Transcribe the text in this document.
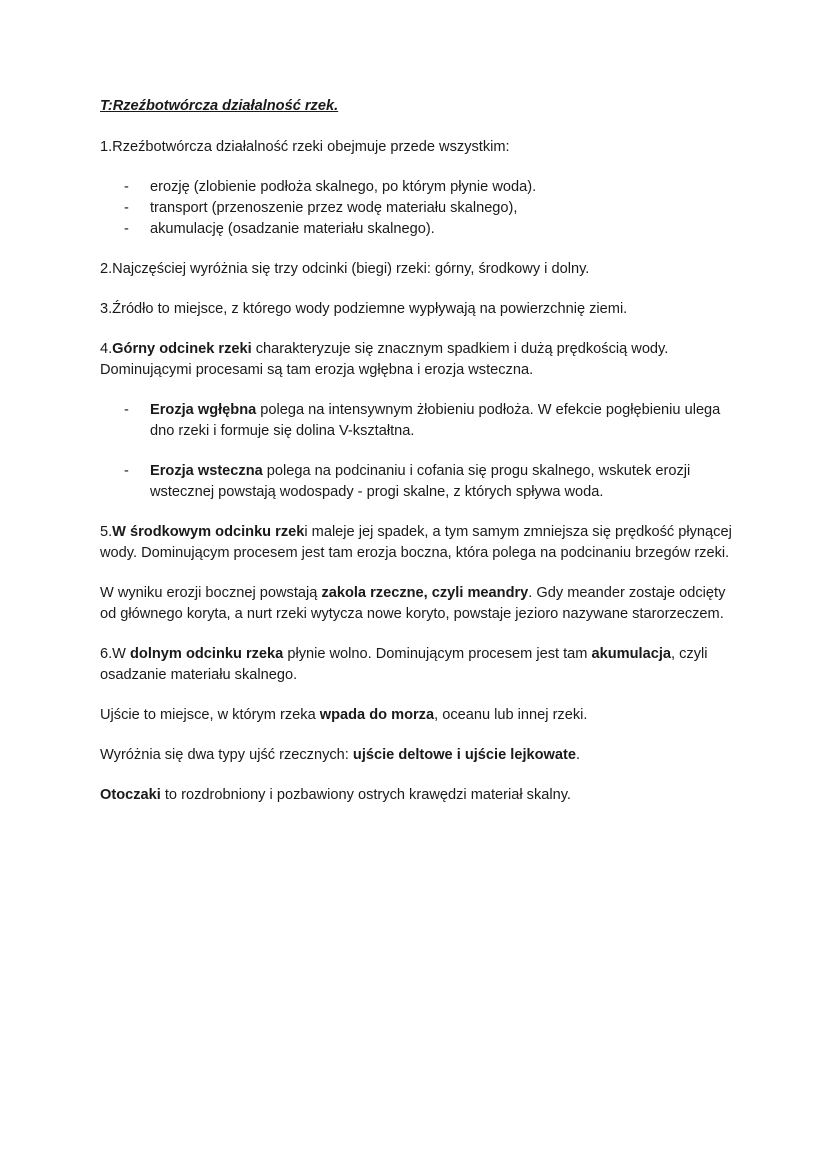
T:Rzeźbotwórcza działalność rzek.

1.Rzeźbotwórcza działalność rzeki obejmuje przede wszystkim:

- erozję (zlobienie podłoża skalnego, po którym płynie woda).
- transport (przenoszenie przez wodę materiału skalnego),
- akumulację (osadzanie materiału skalnego).

2.Najczęściej wyróżnia się trzy odcinki (biegi) rzeki: górny, środkowy i dolny.

3.Źródło to miejsce, z którego wody podziemne wypływają na powierzchnię ziemi.

4.Górny odcinek rzeki charakteryzuje się znacznym spadkiem i dużą prędkością wody. Dominującymi procesami są tam erozja wgłębna i erozja wsteczna.

- Erozja wgłębna polega na intensywnym żłobieniu podłoża. W efekcie pogłębieniu ulega dno rzeki i formuje się dolina V-kształtna.
- Erozja wsteczna polega na podcinaniu i cofania się progu skalnego, wskutek erozji wstecznej powstają wodospady - progi skalne, z których spływa woda.

5.W środkowym odcinku rzeki maleje jej spadek, a tym samym zmniejsza się prędkość płynącej wody. Dominującym procesem jest tam erozja boczna, która polega na podcinaniu brzegów rzeki.

W wyniku erozji bocznej powstają zakola rzeczne, czyli meandry. Gdy meander zostaje odcięty od głównego koryta, a nurt rzeki wytycza nowe koryto, powstaje jezioro nazywane starorzeczem.

6.W dolnym odcinku rzeka płynie wolno. Dominującym procesem jest tam akumulacja, czyli osadzanie materiału skalnego.

Ujście to miejsce, w którym rzeka wpada do morza, oceanu lub innej rzeki.

Wyróżnia się dwa typy ujść rzecznych: ujście deltowe i ujście lejkowate.

Otoczaki to rozdrobniony i pozbawiony ostrych krawędzi materiał skalny.
